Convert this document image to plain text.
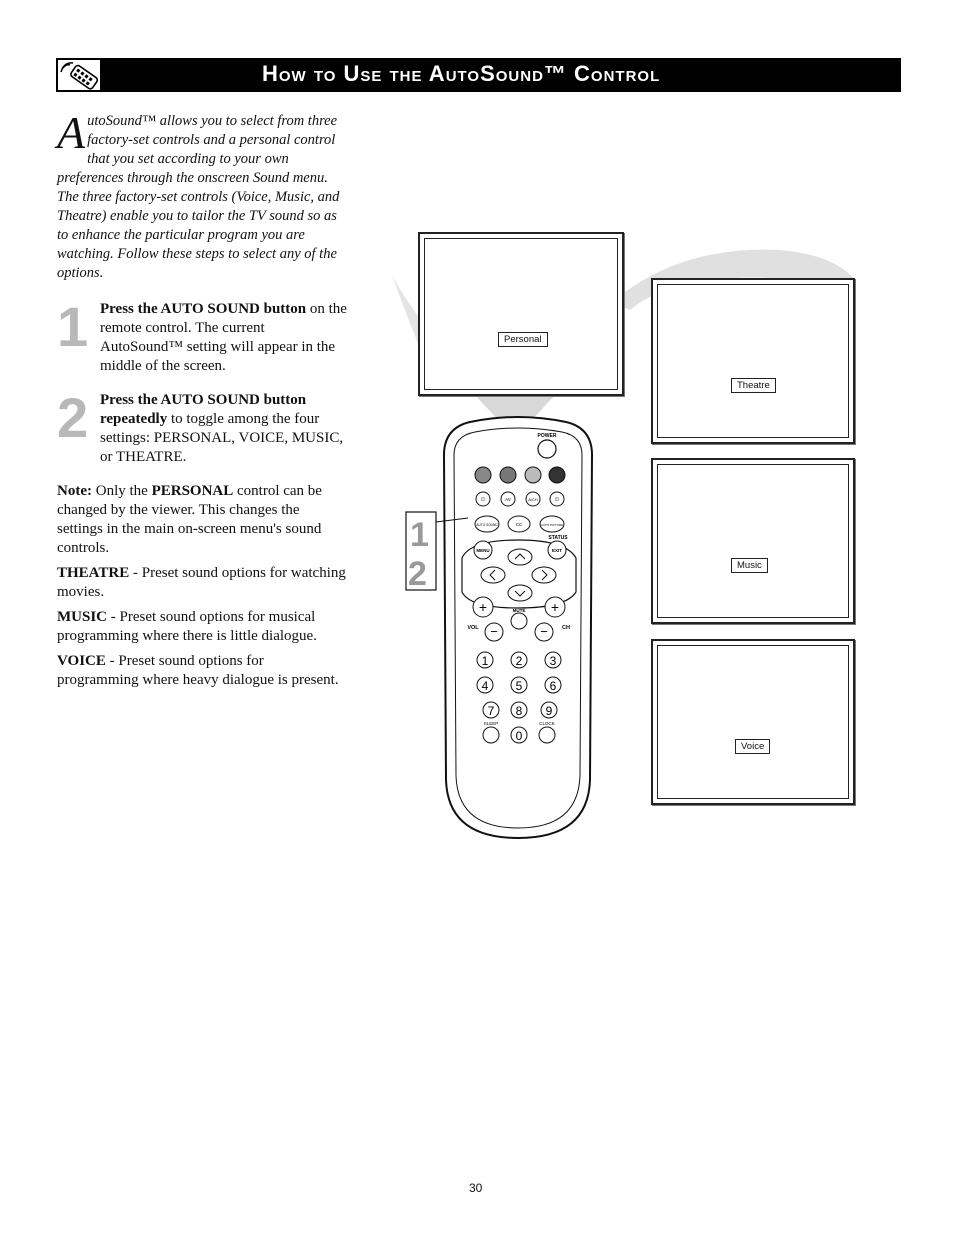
How to Use the AutoSound™ Control
A utoSound™ allows you to select from three factory-set controls and a personal control that you set according to your own preferences through the onscreen Sound menu. The three factory-set controls (Voice, Music, and Theatre) enable you to tailor the TV sound so as to enhance the particular program you are watching. Follow these steps to select any of the options.
1 Press the AUTO SOUND button on the remote control. The current AutoSound™ setting will appear in the middle of the screen.
2 Press the AUTO SOUND button repeatedly to toggle among the four settings: PERSONAL, VOICE, MUSIC, or THEATRE.

Note: Only the PERSONAL control can be changed by the viewer. This changes the settings in the main on-screen menu's sound controls.

THEATRE - Preset sound options for watching movies.

MUSIC - Preset sound options for musical programming where there is little dialogue.

VOICE - Preset sound options for programming where heavy dialogue is present.

Personal
Theatre
Music
Voice
1
2
POWER
☺	AV	A/CH ☺
AUTO SOUND	CC	AUTO PICTURE
STATUS
MENU	EXIT
+	+
MUTE
VOL	CH
−	−
1 2 3
4 5 6
7 8 9
SLEEP	CLOCK
0
30
